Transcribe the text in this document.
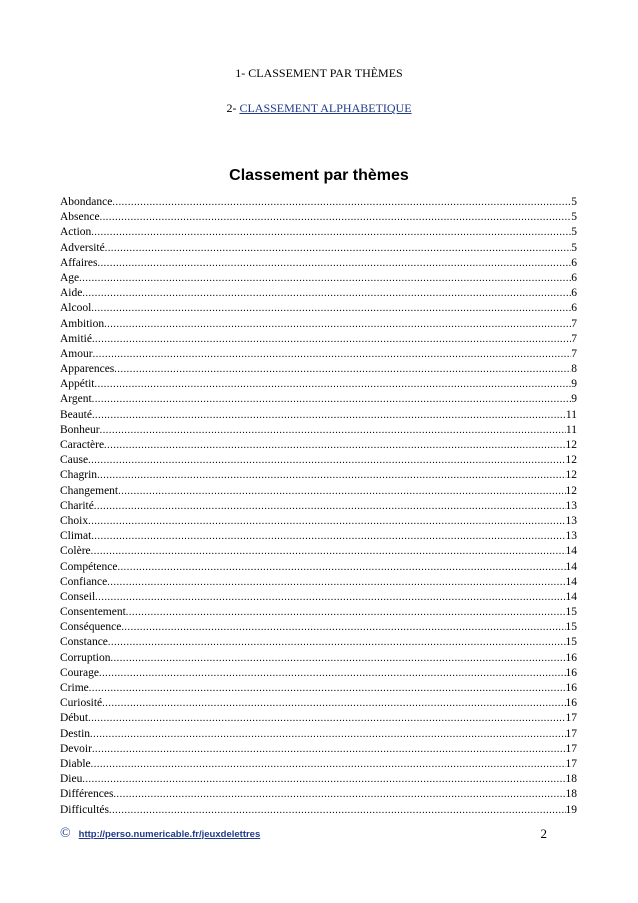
1- CLASSEMENT PAR THÈMES
2- CLASSEMENT ALPHABETIQUE
Classement par thèmes
Abondance .....	5
Absence .....	5
Action .....	5
Adversité .....	5
Affaires .....	6
Age .....	6
Aide .....	6
Alcool .....	6
Ambition .....	7
Amitié .....	7
Amour .....	7
Apparences .....	8
Appétit .....	9
Argent .....	9
Beauté .....	11
Bonheur .....	11
Caractère .....	12
Cause .....	12
Chagrin .....	12
Changement .....	12
Charité .....	13
Choix .....	13
Climat .....	13
Colère .....	14
Compétence .....	14
Confiance .....	14
Conseil .....	14
Consentement .....	15
Conséquence .....	15
Constance .....	15
Corruption .....	16
Courage .....	16
Crime .....	16
Curiosité .....	16
Début .....	17
Destin .....	17
Devoir .....	17
Diable .....	17
Dieu .....	18
Différences .....	18
Difficultés .....	19
© http://perso.numericable.fr/jeuxdelettres	2
